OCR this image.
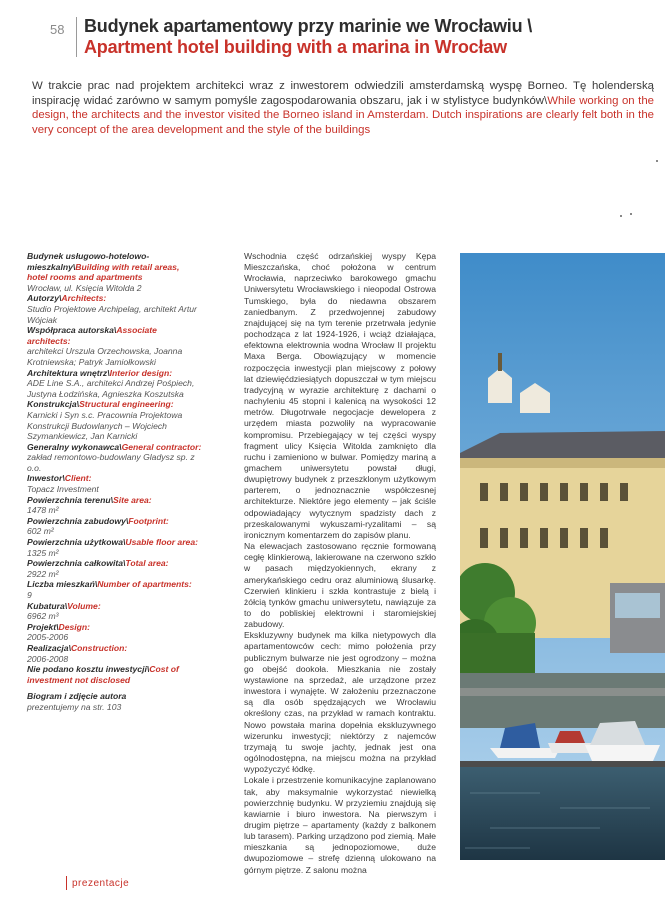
58 Budynek apartamentowy przy marinie we Wrocławiu \
Apartment hotel building with a marina in Wrocław
W trakcie prac nad projektem architekci wraz z inwestorem odwiedzili amsterdamską wyspę Borneo. Tę holenderską inspirację widać zarówno w samym pomyśle zagospodarowania obszaru, jak i w stylistyce budynków\While working on the design, the architects and the investor visited the Borneo island in Amsterdam. Dutch inspirations are clearly felt both in the very concept of the area development and the style of the buildings
Budynek usługowo-hotelowo-mieszkalny\Building with retail areas, hotel rooms and apartments
Wrocław, ul. Księcia Witolda 2
Autorzy\Architects:
Studio Projektowe Archipelag, architekt Artur Wójciak
Współpraca autorska\Associate architects:
architekci Urszula Orzechowska, Joanna Krotniewska; Patryk Jamiołkowski
Architektura wnętrz\Interior design:
ADE Line S.A., architekci Andrzej Pośpiech, Justyna Łodzińska, Agnieszka Koszutska
Konstrukcja\Structural engineering:
Karnicki i Syn s.c. Pracownia Projektowa Konstrukcji Budowlanych – Wojciech Szymankiewicz, Jan Karnicki
Generalny wykonawca\General contractor:
zakład remontowo-budowlany Gladysz sp. z o.o.
Inwestor\Client:
Topacz Investment
Powierzchnia terenu\Site area:
1478 m²
Powierzchnia zabudowy\Footprint:
602 m²
Powierzchnia użytkowa\Usable floor area:
1325 m²
Powierzchnia całkowita\Total area:
2922 m²
Liczba mieszkań\Number of apartments:
9
Kubatura\Volume:
6962 m³
Projekt\Design:
2005-2006
Realizacja\Construction:
2006-2008
Nie podano kosztu inwestycji\Cost of investment not disclosed
Biogram i zdjęcie autora
prezentujemy na str. 103
Wschodnia część odrzańskiej wyspy Kępa Mieszczańska, choć położona w centrum Wrocławia, naprzeciwko barokowego gmachu Uniwersytetu Wrocławskiego i nieopodal Ostrowa Tumskiego, była do niedawna obszarem zaniedbanym. Z przedwojennej zabudowy znajdującej się na tym terenie przetrwała jedynie pochodząca z lat 1924-1926, i wciąż działająca, efektowna elektrownia wodna Wrocław II projektu Maxa Berga. Obowiązujący w momencie rozpoczęcia inwestycji plan miejscowy z połowy lat dziewięćdziesiątych dopuszczał w tym miejscu tradycyjną w wyrazie architekturę z dachami o nachyleniu 45 stopni i kalenicą na wysokości 12 metrów. Długotrwałe negocjacje dewelopera z urzędem miasta pozwoliły na wypracowanie kompromisu. Przebiegający w tej części wyspy fragment ulicy Księcia Witolda zamknięto dla ruchu i zamieniono w bulwar. Pomiędzy mariną a gmachem uniwersytetu powstał długi, dwupiętrowy budynek z przeszklonym użytkowym parterem, o jednoznacznie współczesnej architekturze. Niektóre jego elementy – jak ściśle odpowiadający wytycznym spadzisty dach z przeskalowanymi wykuszami-ryzalitami – są ironicznym komentarzem do zapisów planu.
Na elewacjach zastosowano ręcznie formowaną cegłę klinkierową, lakierowane na czerwono szkło w pasach międzyokiennych, ekrany z amerykańskiego cedru oraz aluminiową ślusarkę. Czerwień klinkieru i szkła kontrastuje z bielą i żółcią tynków gmachu uniwersytetu, nawiązuje za to do pobliskiej elektrowni i staromiejskiej zabudowy.
Ekskluzywny budynek ma kilka nietypowych dla apartamentowców cech: mimo położenia przy publicznym bulwarze nie jest ogrodzony – można go obejść dookoła. Mieszkania nie zostały wystawione na sprzedaż, ale urządzone przez inwestora i wynajęte. W założeniu przeznaczone są dla osób spędzających we Wrocławiu określony czas, na przykład w ramach kontraktu. Nowo powstała marina dopełnia ekskluzywnego wizerunku inwestycji; niektórzy z najemców trzymają tu swoje jachty, jednak jest ona ogólnodostępna, na miejscu można na przykład wypożyczyć łódkę.
Lokale i przestrzenie komunikacyjne zaplanowano tak, aby maksymalnie wykorzystać niewielką powierzchnię budynku. W przyziemiu znajdują się kawiarnie i biuro inwestora. Na pierwszym i drugim piętrze – apartamenty (każdy z balkonem lub tarasem). Parking urządzono pod ziemią. Małe mieszkania są jednopoziomowe, duże dwupoziomowe – strefę dzienną ulokowano na górnym piętrze. Z salonu można
prezentacje
